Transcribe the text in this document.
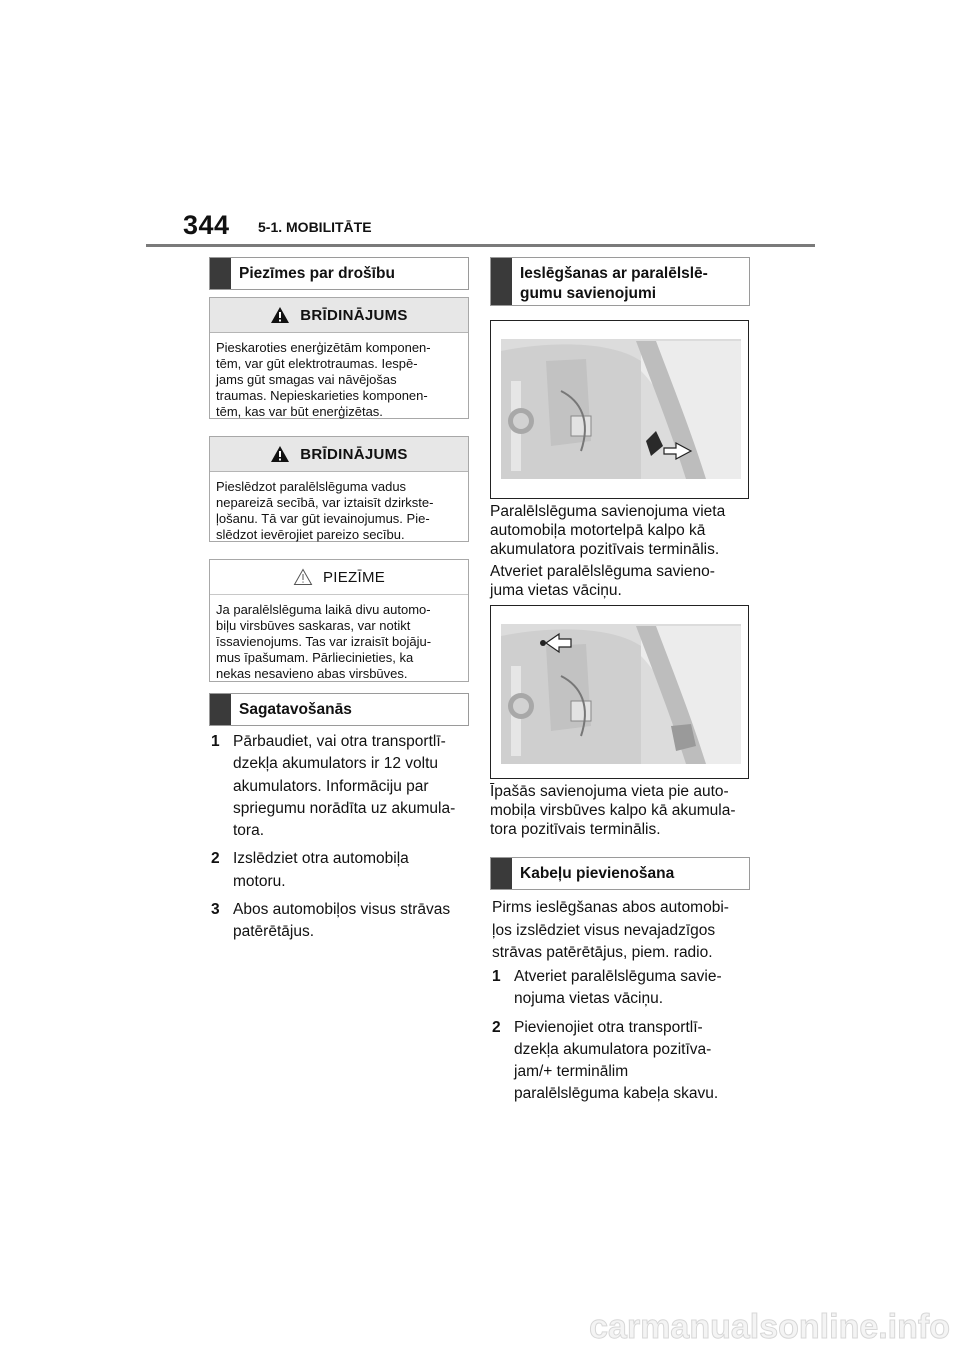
344 5-1. MOBILITĀTE
Piezīmes par drošību
BRĪDINĀJUMS
Pieskaroties enerģizētām komponen-
tēm, var gūt elektrotraumas. Iespē-
jams gūt smagas vai nāvējošas
traumas. Nepieskarieties komponen-
tēm, kas var būt enerģizētas.
BRĪDINĀJUMS
Pieslēdzot paralēlslēguma vadus
nepareizā secībā, var iztaisīt dzirkste-
ļošanu. Tā var gūt ievainojumus. Pie-
slēdzot ievērojiet pareizo secību.
PIEZĪME
Ja paralēlslēguma laikā divu automo-
biļu virsbūves saskaras, var notikt
īssavienojums. Tas var izraisīt bojāju-
mus īpašumam. Pārliecinieties, ka
nekas nesavieno abas virsbūves.
Sagatavošanās
1 Pārbaudiet, vai otra transportlī-
dzekļa akumulators ir 12 voltu
akumulators. Informāciju par
spriegumu norādīta uz akumula-
tora.
2 Izslēdziet otra automobiļa
motoru.
3 Abos automobiļos visus strāvas
patērētājus.
Ieslēgšanas ar paralēlslē-
gumu savienojumi
Paralēlslēguma savienojuma vieta
automobiļa motortelpā kalpo kā
akumulatora pozitīvais terminālis.
Atveriet paralēlslēguma savieno-
juma vietas vāciņu.
Īpašās savienojuma vieta pie auto-
mobiļa virsbūves kalpo kā akumula-
tora pozitīvais terminālis.
Kabeļu pievienošana
Pirms ieslēgšanas abos automobi-
ļos izslēdziet visus nevajadzīgos
strāvas patērētājus, piem. radio.
1 Atveriet paralēlslēguma savie-
nojuma vietas vāciņu.
2 Pievienojiet otra transportlī-
dzekļa akumulatora pozitīva-
jam/+ terminālim
paralēlslēguma kabeļa skavu.
carmanualsonline.info
